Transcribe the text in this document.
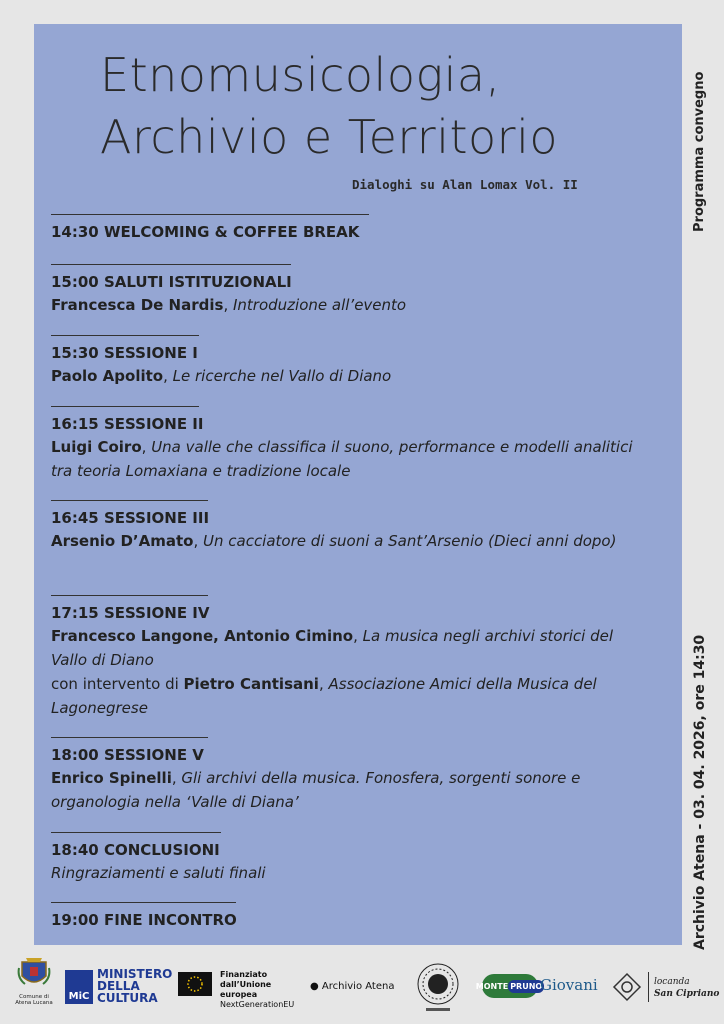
Etnomusicologia,
Archivio e Territorio
Dialoghi su Alan Lomax Vol. II	Programma convegno
Archivio Atena - 03. 04. 2026, ore 14:30
14:30 WELCOMING & COFFEE BREAK
15:00 SALUTI ISTITUZIONALI
Francesca De Nardis, Introduzione all’evento
15:30 SESSIONE I
Paolo Apolito, Le ricerche nel Vallo di Diano
16:15 SESSIONE II
Luigi Coiro, Una valle che classifica il suono, performance e modelli analitici tra teoria Lomaxiana e tradizione locale
16:45 SESSIONE III
Arsenio D’Amato, Un cacciatore di suoni a Sant’Arsenio (Dieci anni dopo)
17:15 SESSIONE IV
Francesco Langone, Antonio Cimino, La musica negli archivi storici del Vallo di Diano
con intervento di Pietro Cantisani, Associazione Amici della Musica del Lagonegrese
18:00 SESSIONE V
Enrico Spinelli, Gli archivi della musica. Fonosfera, sorgenti sonore e organologia nella ‘Valle di Diana’
18:40 CONCLUSIONI
Ringraziamenti e saluti finali
19:00 FINE INCONTRO
Comune di Atena Lucana
MiC
MINISTERO
DELLA
CULTURA
Finanziato
dall’Unione europea
NextGenerationEU
● Archivio Atena	MONTE PRUNO
Giovani	locanda
San Cipriano
